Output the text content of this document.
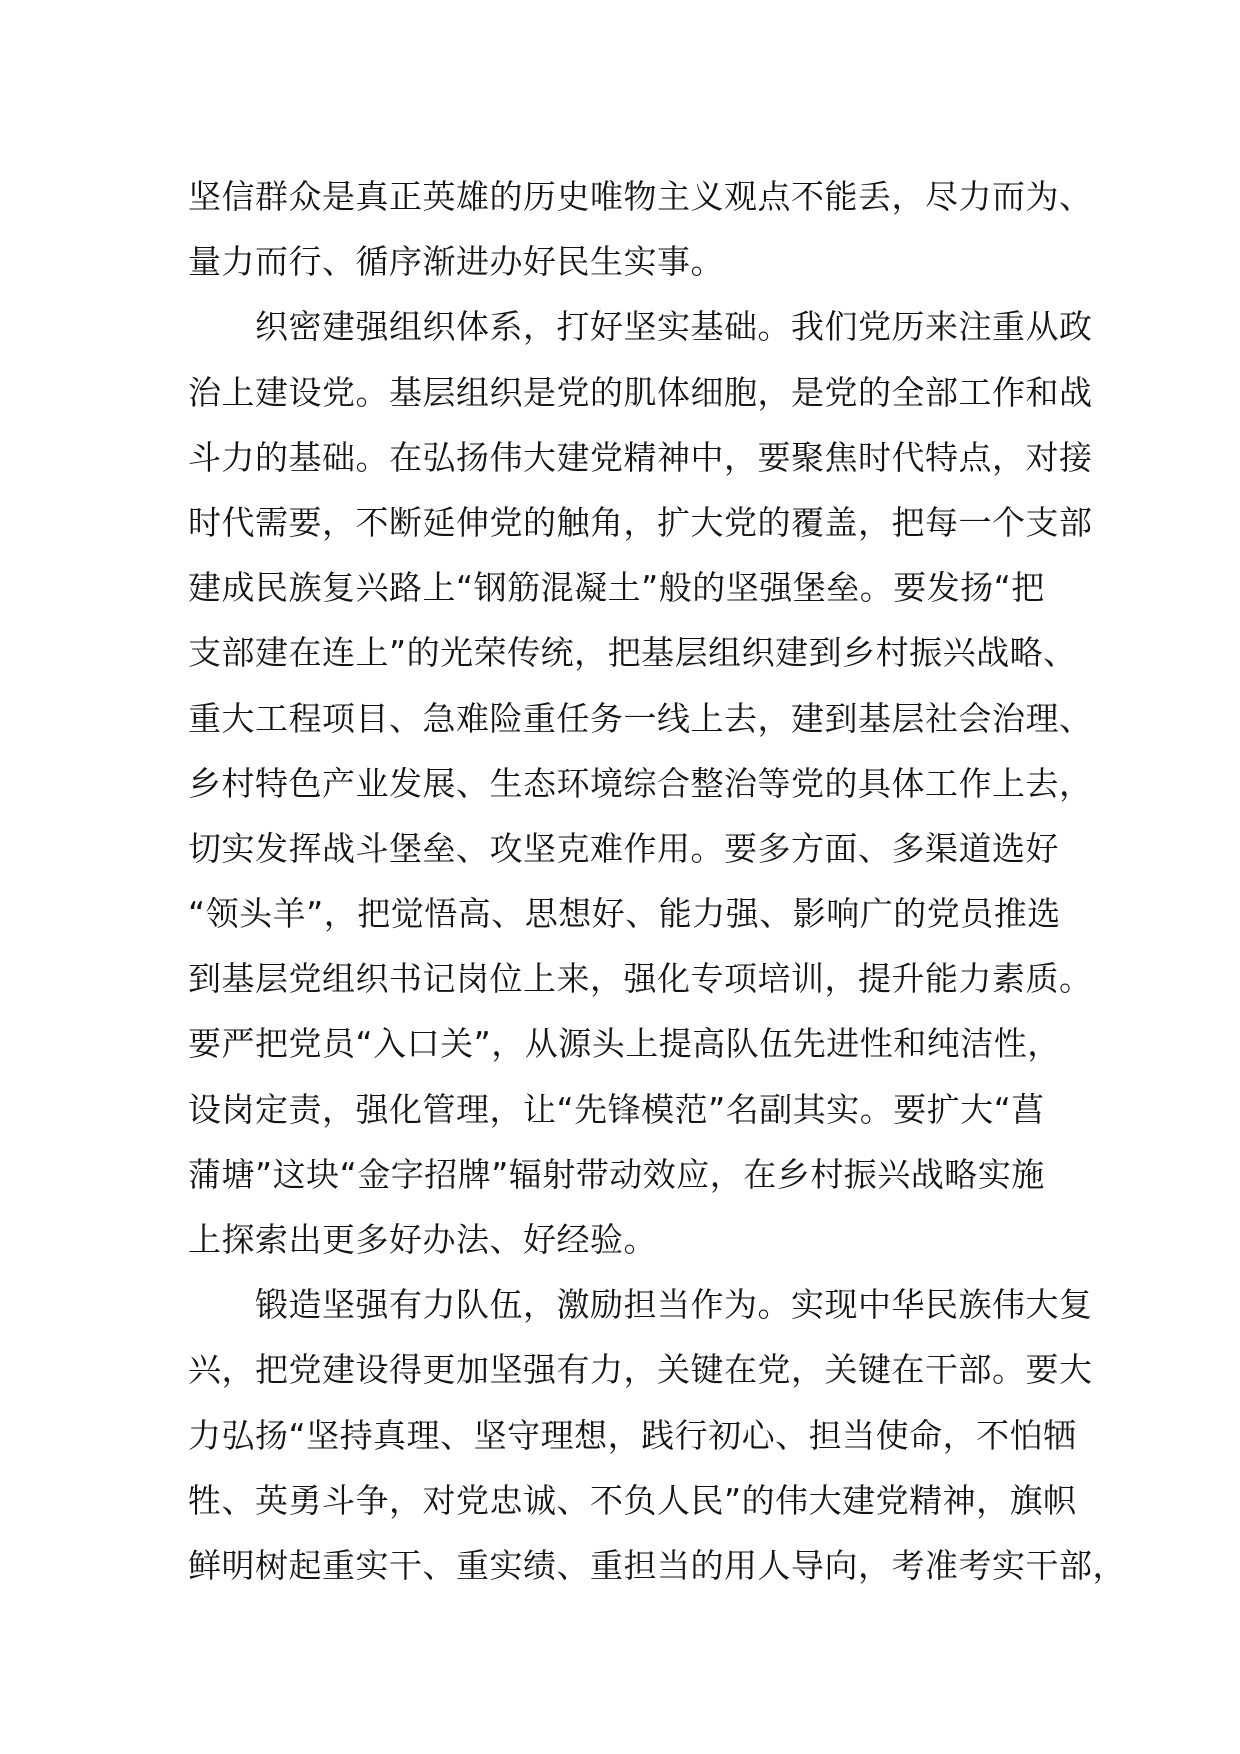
坚信群众是真正英雄的历史唯物主义观点不能丢，尽力而为、
量力而行、循序渐进办好民生实事。
　　织密建强组织体系，打好坚实基础。我们党历来注重从政
治上建设党。基层组织是党的肌体细胞，是党的全部工作和战
斗力的基础。在弘扬伟大建党精神中，要聚焦时代特点，对接
时代需要，不断延伸党的触角，扩大党的覆盖，把每一个支部
建成民族复兴路上“钢筋混凝土”般的坚强堡垒。要发扬“把
支部建在连上”的光荣传统，把基层组织建到乡村振兴战略、
重大工程项目、急难险重任务一线上去，建到基层社会治理、
乡村特色产业发展、生态环境综合整治等党的具体工作上去，
切实发挥战斗堡垒、攻坚克难作用。要多方面、多渠道选好
“领头羊”，把觉悟高、思想好、能力强、影响广的党员推选
到基层党组织书记岗位上来，强化专项培训，提升能力素质。
要严把党员“入口关”，从源头上提高队伍先进性和纯洁性，
设岗定责，强化管理，让“先锋模范”名副其实。要扩大“菖
蒲塘”这块“金字招牌”辐射带动效应，在乡村振兴战略实施
上探索出更多好办法、好经验。
　　锻造坚强有力队伍，激励担当作为。实现中华民族伟大复
兴，把党建设得更加坚强有力，关键在党，关键在干部。要大
力弘扬“坚持真理、坚守理想，践行初心、担当使命，不怕牺
牲、英勇斗争，对党忠诚、不负人民”的伟大建党精神，旗帜
鲜明树起重实干、重实绩、重担当的用人导向，考准考实干部，
